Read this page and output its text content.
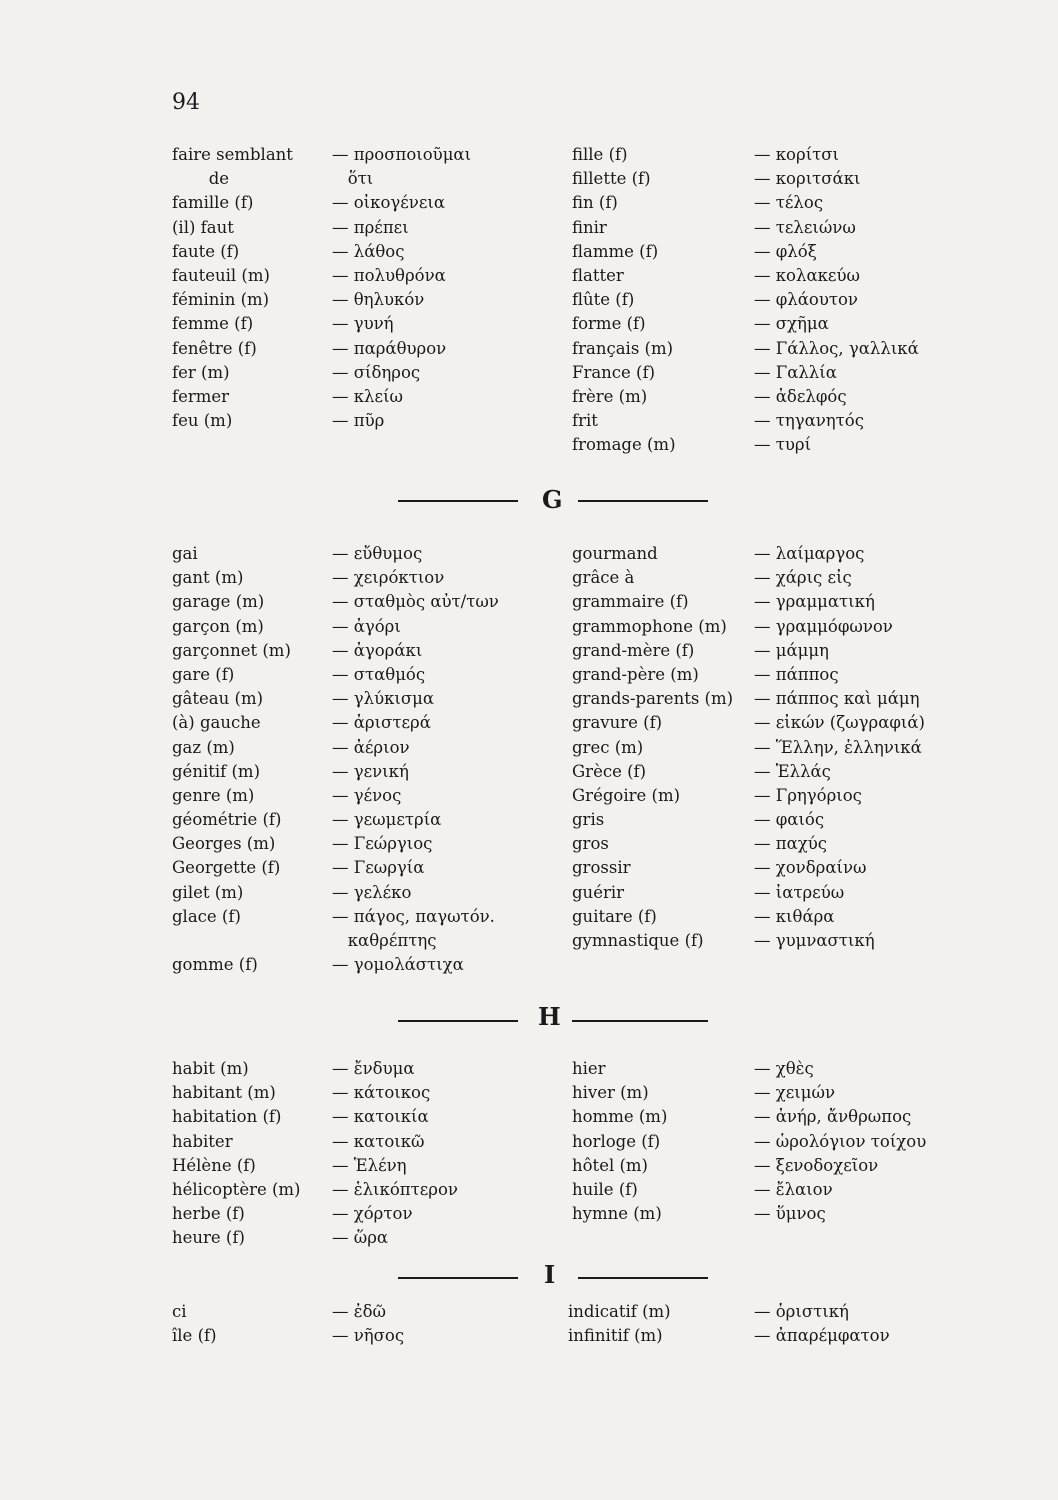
94
faire semblant — προσποιοῦμαι
de	ὅτι
famille (f)	— οἰκογένεια
(il) faut	— πρέπει
faute (f)	— λάθος
fauteuil (m)	— πολυθρόνα
féminin (m)	— θηλυκόν
femme (f)	— γυνή
fenêtre (f)	— παράθυρον
fer (m)	— σίδηρος
fermer	— κλείω
feu (m)	— πῦρ
fille (f)	— κορίτσι
fillette (f)	— κοριτσάκι
fin (f)	— τέλος
finir	— τελειώνω
flamme (f)	— φλόξ
flatter	— κολακεύω
flûte (f)	— φλάουτον
forme (f)	— σχῆμα
français (m)	— Γάλλος, γαλλικά
France (f)	— Γαλλία
frère (m)	— ἀδελφός
frit	— τηγανητός
fromage (m)	— τυρί
G
gai	— εὔθυμος
gant (m)	— χειρόκτιον
garage (m)	— σταθμὸς αὐτ/των
garçon (m)	— ἀγόρι
garçonnet (m) — ἀγοράκι
gare (f)	— σταθμός
gâteau (m)	— γλύκισμα
(à) gauche	— ἀριστερά
gaz (m)	— ἀέριον
génitif (m)	— γενική
genre (m)	— γένος
géométrie (f)	— γεωμετρία
Georges (m)	— Γεώργιος
Georgette (f)	— Γεωργία
gilet (m)	— γελέκο
glace (f)	— πάγος, παγωτόν.
καθρέπτης
gomme (f)	— γομολάστιχα
gourmand	— λαίμαργος
grâce à	— χάρις εἰς
grammaire (f)	— γραμματική
grammophone (m) — γραμμόφωνον
grand-mère (f)	— μάμμη
grand-père (m)	— πάππος
grands-parents (m) — πάππος καὶ μάμη
gravure (f)	— εἰκών (ζωγραφιά)
grec (m)	— Ἕλλην, ἑλληνικά
Grèce (f)	— Ἑλλάς
Grégoire (m)	— Γρηγόριος
gris	— φαιός
gros	— παχύς
grossir	— χονδραίνω
guérir	— ἰατρεύω
guitare (f)	— κιθάρα
gymnastique (f)	— γυμναστική
H
habit (m)	— ἔνδυμα
habitant (m)	— κάτοικος
habitation (f)	— κατοικία
habiter	— κατοικῶ
Hélène (f)	— Ἑλένη
hélicoptère (m) — ἑλικόπτερον
herbe (f)	— χόρτον
heure (f)	— ὥρα
hier	— χθὲς
hiver (m)	— χειμών
homme (m)	— ἀνήρ, ἄνθρωπος
horloge (f)	— ὡρολόγιον τοίχου
hôtel (m)	— ξενοδοχεῖον
huile (f)	— ἔλαιον
hymne (m)	— ὕμνος
I
ci	— ἐδῶ
île (f)	— νῆσος
indicatif (m)	— ὁριστική
infinitif (m)	— ἀπαρέμφατον
